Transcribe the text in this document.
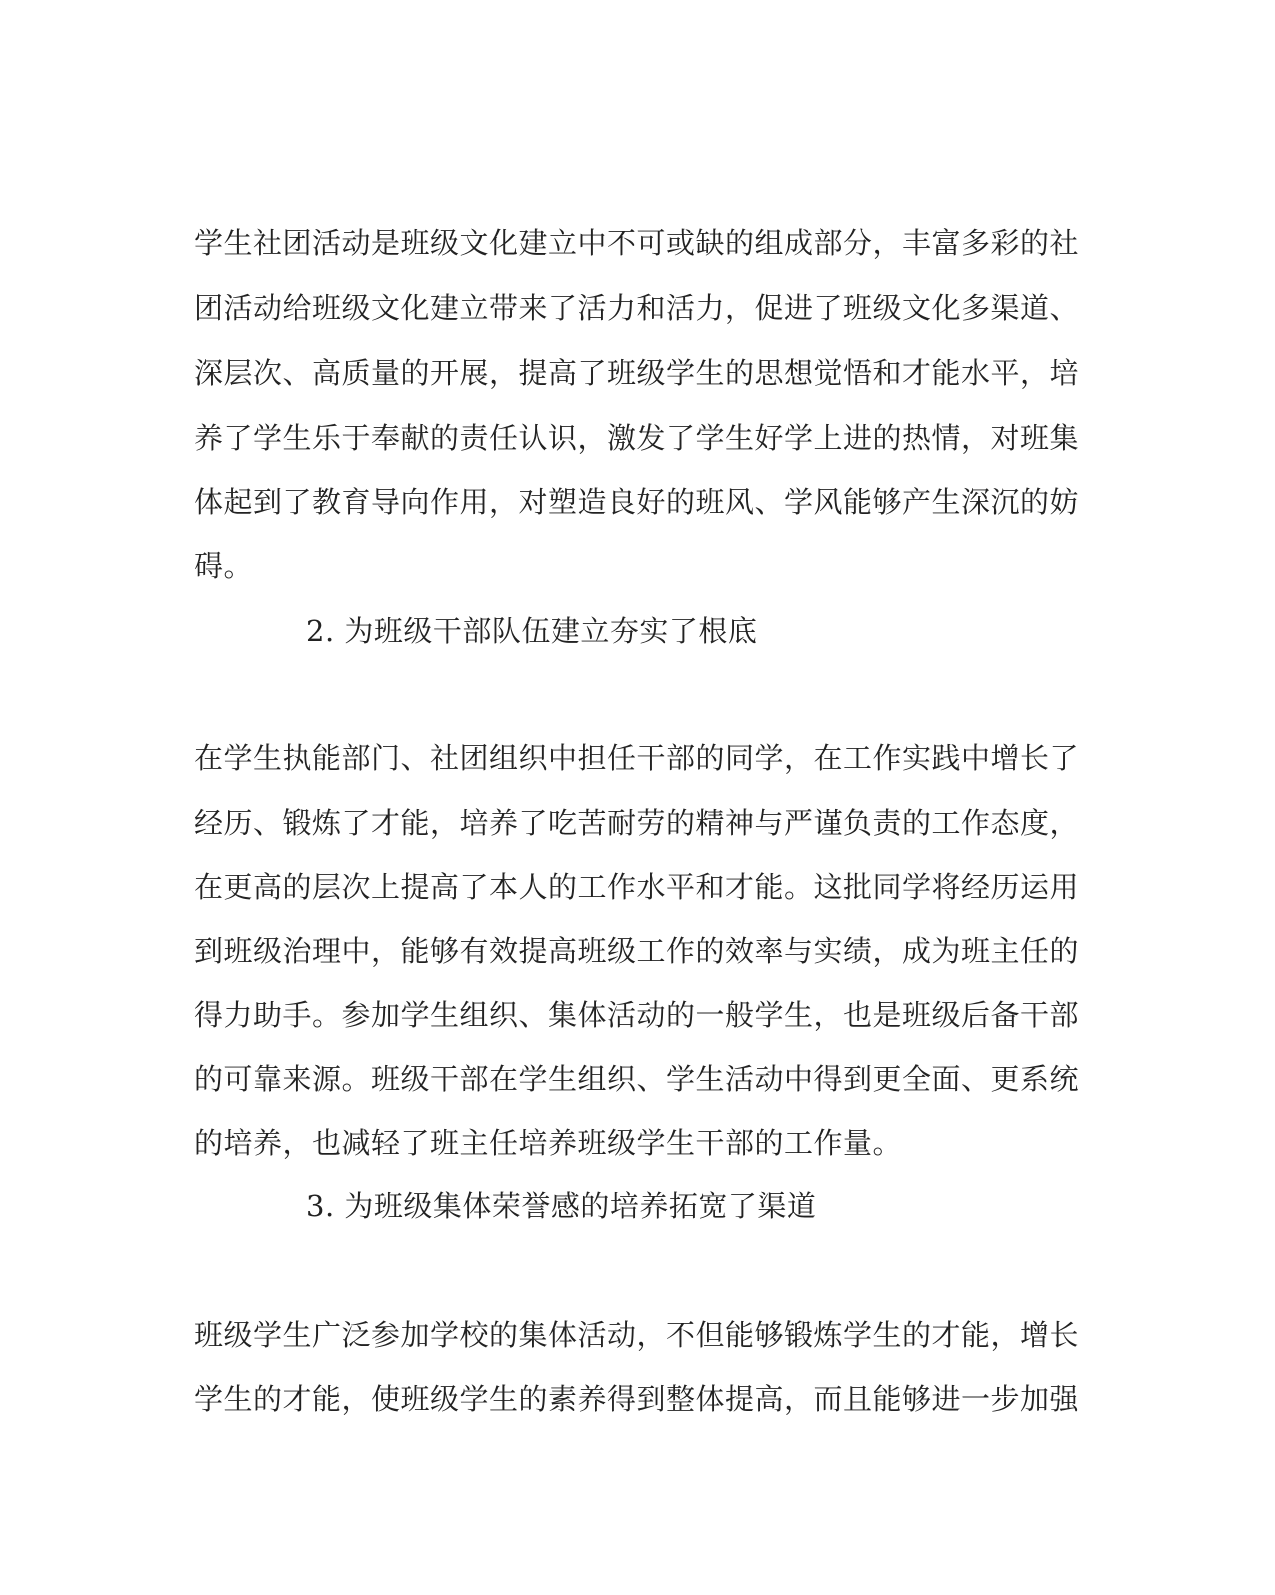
学生社团活动是班级文化建立中不可或缺的组成部分，丰富多彩的社
团活动给班级文化建立带来了活力和活力，促进了班级文化多渠道、
深层次、高质量的开展，提高了班级学生的思想觉悟和才能水平，培
养了学生乐于奉献的责任认识，激发了学生好学上进的热情，对班集
体起到了教育导向作用，对塑造良好的班风、学风能够产生深沉的妨
碍。
2. 为班级干部队伍建立夯实了根底
在学生执能部门、社团组织中担任干部的同学，在工作实践中增长了
经历、锻炼了才能，培养了吃苦耐劳的精神与严谨负责的工作态度，
在更高的层次上提高了本人的工作水平和才能。这批同学将经历运用
到班级治理中，能够有效提高班级工作的效率与实绩，成为班主任的
得力助手。参加学生组织、集体活动的一般学生，也是班级后备干部
的可靠来源。班级干部在学生组织、学生活动中得到更全面、更系统
的培养，也减轻了班主任培养班级学生干部的工作量。
3. 为班级集体荣誉感的培养拓宽了渠道
班级学生广泛参加学校的集体活动，不但能够锻炼学生的才能，增长
学生的才能，使班级学生的素养得到整体提高，而且能够进一步加强
